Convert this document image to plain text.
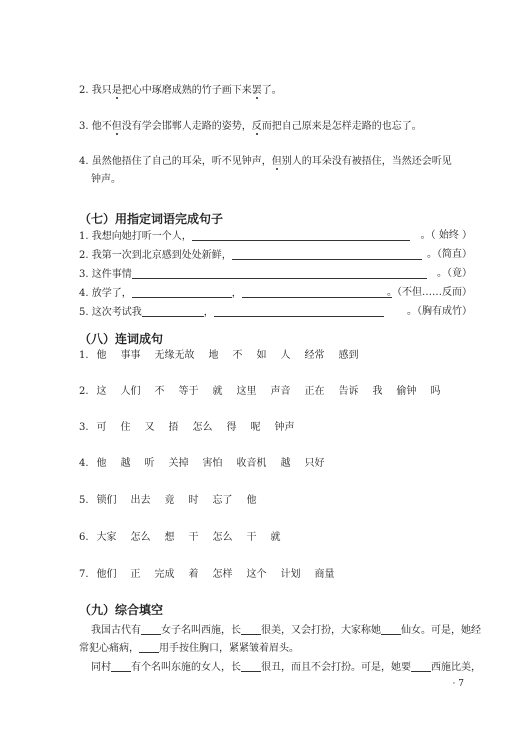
2. 我只是把心中琢磨成熟的竹子画下来罢了。
3. 他不但没有学会邯郸人走路的姿势，反而把自己原来是怎样走路的也忘了。
4. 虽然他捂住了自己的耳朵，听不见钟声，但别人的耳朵没有被捂住，当然还会听见
钟声。
（七）用指定词语完成句子
1. 我想向她打听一个人，	。（ 始终 ）
2. 我第一次到北京感到处处新鲜，	。（简直）
3. 这件事情	。（竟）
4. 放学了，	，	。（不但……反而）
5. 这次考试我	，	。（胸有成竹）
（八）连词成句
1. 他 事事 无缘无故 地 不 如 人 经常 感到
2. 这 人们 不 等于 就 这里 声音 正在 告诉 我 偷钟 吗
3. 可 住 又 捂 怎么 得 呢 钟声
4. 他 越 听 关掉 害怕 收音机 越 只好
5. 锁们 出去 竟 时 忘了 他
6. 大家 怎么 想 干 怎么 干 就
7. 他们 正 完成 着 怎样 这个 计划 商量
（九）综合填空
我国古代有 女子名叫西施，长 很美，又会打扮，大家称她 仙女。可是，她经
常犯心痛病， 用手按住胸口，紧紧皱着眉头。
同村 有个名叫东施的女人，长 很丑，而且不会打扮。可是，她要 西施比美，
· 7
